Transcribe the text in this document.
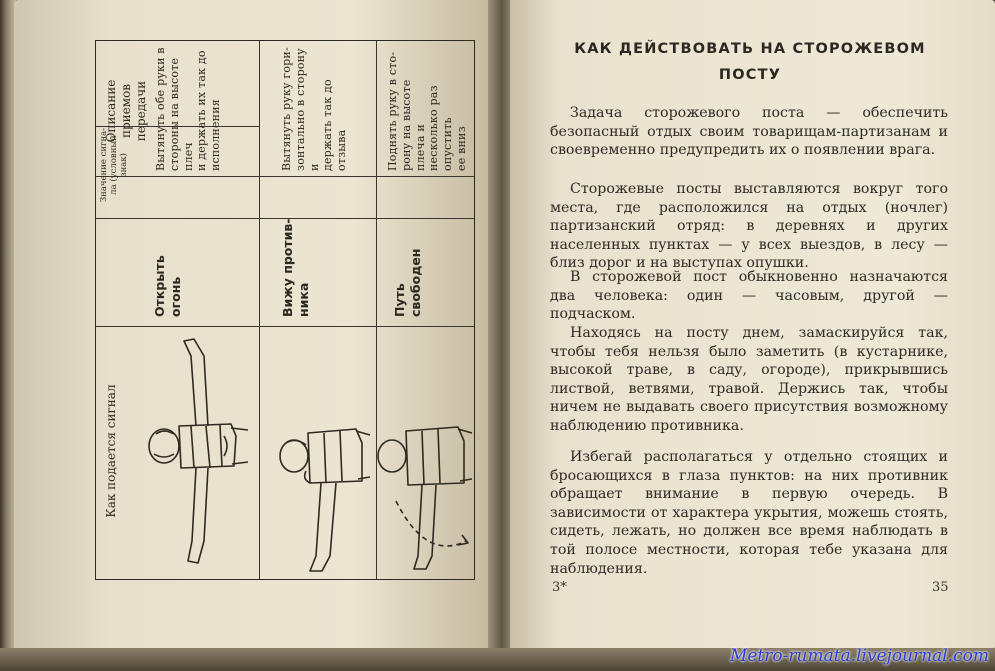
Описание приемов
передачи
Значение сигна-
ла (условный
знак)
Как подается сигнал
Вытянуть обе руки в
стороны на высоте плеч
и держать их так до
исполнения
Открыть огонь
Вытянуть руку гори-
зонтально в сторону и
держать так до отзыва
Вижу против-
ника
Поднять руку в сто-
рону на высоте плеча и
несколько раз опустить
ее вниз
Путь свободен
КАК ДЕЙСТВОВАТЬ НА СТОРОЖЕВОМ
ПОСТУ

Задача сторожевого поста — обеспечить безопасный отдых своим товарищам-партизанам и своевременно предупредить их о появлении врага.

Сторожевые посты выставляются вокруг того места, где расположился на отдых (ночлег) партизанский отряд: в деревнях и других населенных пунктах — у всех выездов, в лесу — близ дорог и на выступах опушки.

В сторожевой пост обыкновенно назначаются два человека: один — часовым, другой — подчаском.

Находясь на посту днем, замаскируйся так, чтобы тебя нельзя было заметить (в кустарнике, высокой траве, в саду, огороде), прикрывшись листвой, ветвями, травой. Держись так, чтобы ничем не выдавать своего присутствия возможному наблюдению противника.

Избегай располагаться у отдельно стоящих и бросающихся в глаза пунктов: на них противник обращает внимание в первую очередь. В зависимости от характера укрытия, можешь стоять, сидеть, лежать, но должен все время наблюдать в той полосе местности, которая тебе указана для наблюдения.

3*	35
Metro-rumata.livejournal.com
